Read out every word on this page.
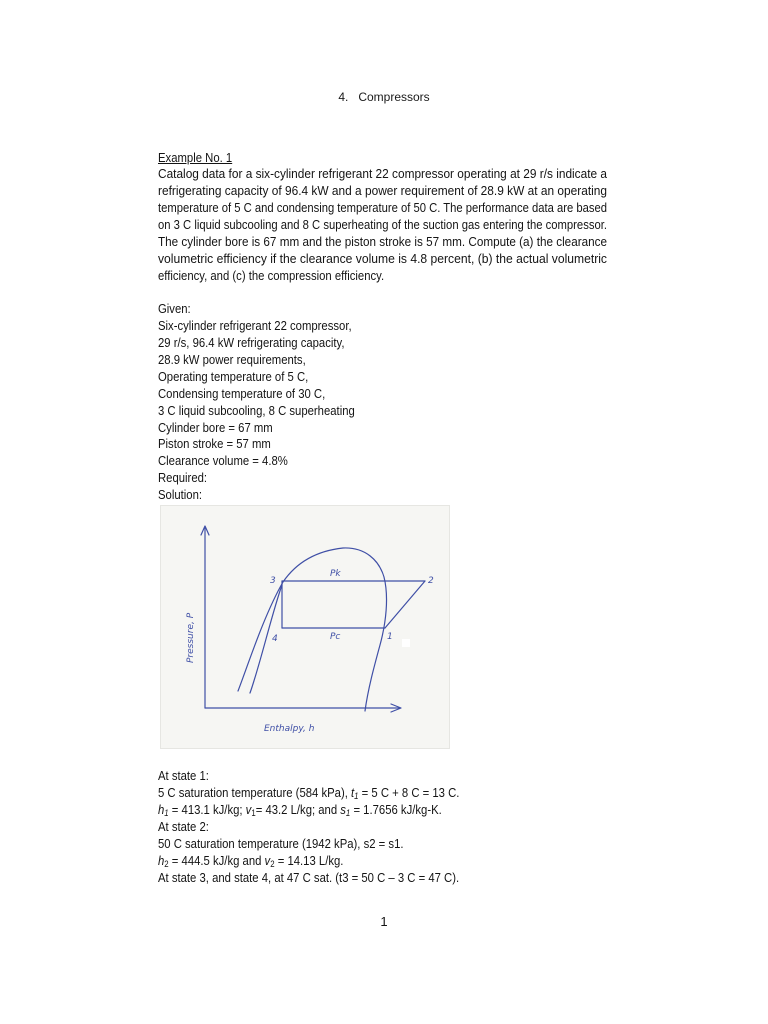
4.   Compressors
Example No. 1
Catalog data for a six-cylinder refrigerant 22 compressor operating at 29 r/s indicate a
refrigerating capacity of 96.4 kW and a power requirement of 28.9 kW at an operating
temperature of 5 C and condensing temperature of 50 C. The performance data are based
on 3 C liquid subcooling and 8 C superheating of the suction gas entering the compressor.
The cylinder bore is 67 mm and the piston stroke is 57 mm. Compute (a) the clearance
volumetric efficiency if the clearance volume is 4.8 percent, (b) the actual volumetric
efficiency, and (c) the compression efficiency.
Given:
Six-cylinder refrigerant 22 compressor,
29 r/s, 96.4 kW refrigerating capacity,
28.9 kW power requirements,
Operating temperature of 5 C,
Condensing temperature of 30 C,
3 C liquid subcooling, 8 C superheating
Cylinder bore = 67 mm
Piston stroke = 57 mm
Clearance volume = 4.8%
Required:
Solution:
3	2
4	1
Pk
Pc
Pressure, P
Enthalpy, h
At state 1:
5 C saturation temperature (584 kPa), t1 = 5 C + 8 C = 13 C.
h1 = 413.1 kJ/kg; $v_1= 43.2$ L/kg; and s1 = 1.7656 kJ/kg-K.
At state 2:
50 C saturation temperature (1942 kPa), s2 = s1.
$h_2 = 444.5$ kJ/kg and $v_2 = 14.13$ L/kg.
At state 3, and state 4, at 47 C sat. (t3 = 50 C – 3 C = 47 C).
1
